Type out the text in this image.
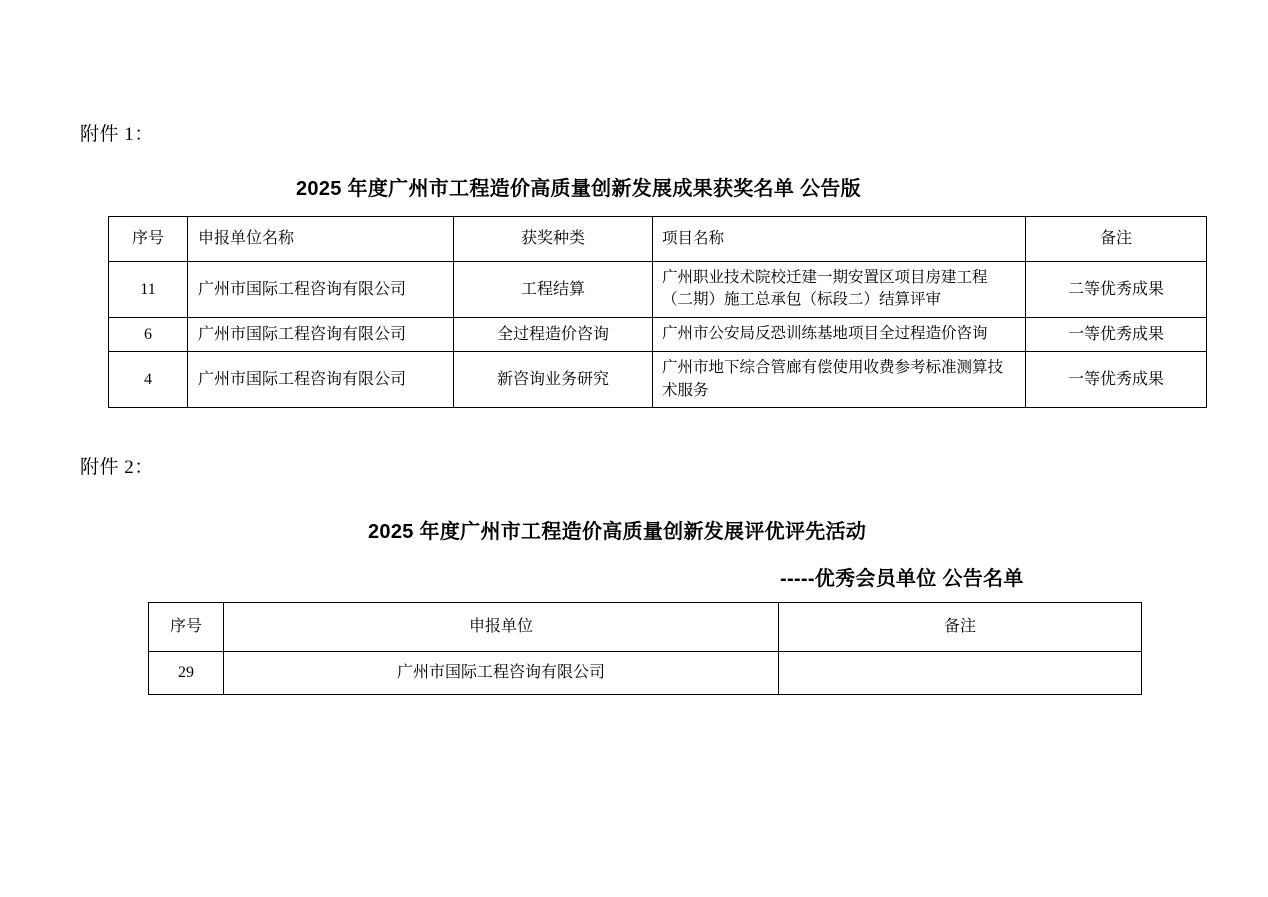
附件 1：
2025 年度广州市工程造价高质量创新发展成果获奖名单 公告版
序号	申报单位名称	获奖种类	项目名称	备注
11	广州市国际工程咨询有限公司	工程结算	广州职业技术院校迁建一期安置区项目房建工程（二期）施工总承包（标段二）结算评审	二等优秀成果
6	广州市国际工程咨询有限公司	全过程造价咨询	广州市公安局反恐训练基地项目全过程造价咨询	一等优秀成果
4	广州市国际工程咨询有限公司	新咨询业务研究	广州市地下综合管廊有偿使用收费参考标准测算技术服务	一等优秀成果
附件 2：
2025 年度广州市工程造价高质量创新发展评优评先活动
-----优秀会员单位 公告名单
序号	申报单位	备注
29	广州市国际工程咨询有限公司	
